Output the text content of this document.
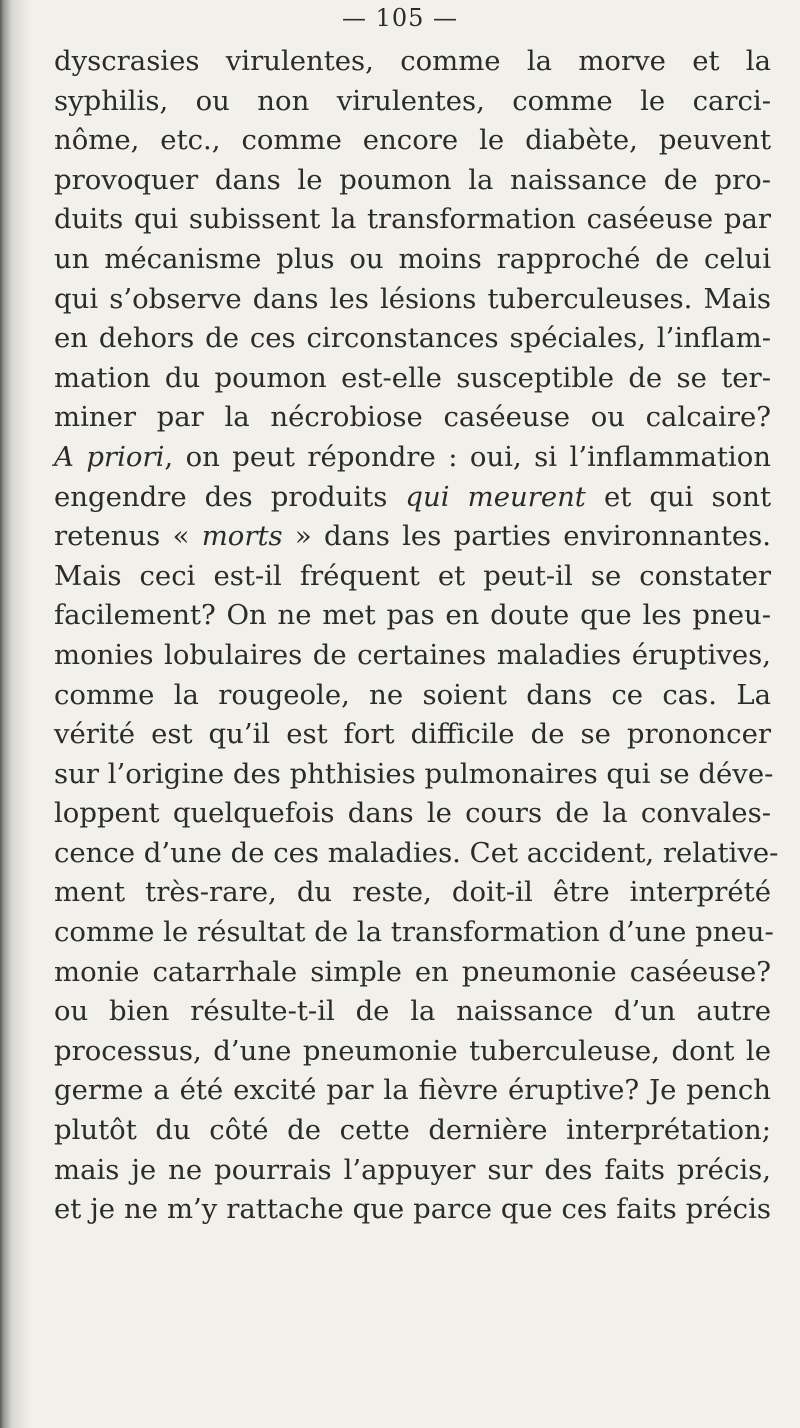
— 105 —
dyscrasies virulentes, comme la morve et la
syphilis, ou non virulentes, comme le carci-
nôme, etc., comme encore le diabète, peuvent
provoquer dans le poumon la naissance de pro-
duits qui subissent la transformation caséeuse par
un mécanisme plus ou moins rapproché de celui
qui s’observe dans les lésions tuberculeuses. Mais
en dehors de ces circonstances spéciales, l’inflam-
mation du poumon est-elle susceptible de se ter-
miner par la nécrobiose caséeuse ou calcaire?
A priori, on peut répondre : oui, si l’inflammation
engendre des produits qui meurent et qui sont
retenus « morts » dans les parties environnantes.
Mais ceci est-il fréquent et peut-il se constater
facilement? On ne met pas en doute que les pneu-
monies lobulaires de certaines maladies éruptives,
comme la rougeole, ne soient dans ce cas. La
vérité est qu’il est fort difficile de se prononcer
sur l’origine des phthisies pulmonaires qui se déve-
loppent quelquefois dans le cours de la convales-
cence d’une de ces maladies. Cet accident, relative-
ment très-rare, du reste, doit-il être interprété
comme le résultat de la transformation d’une pneu-
monie catarrhale simple en pneumonie caséeuse?
ou bien résulte-t-il de la naissance d’un autre
processus, d’une pneumonie tuberculeuse, dont le
germe a été excité par la fièvre éruptive? Je pench
plutôt du côté de cette dernière interprétation;
mais je ne pourrais l’appuyer sur des faits précis,
et je ne m’y rattache que parce que ces faits précis
